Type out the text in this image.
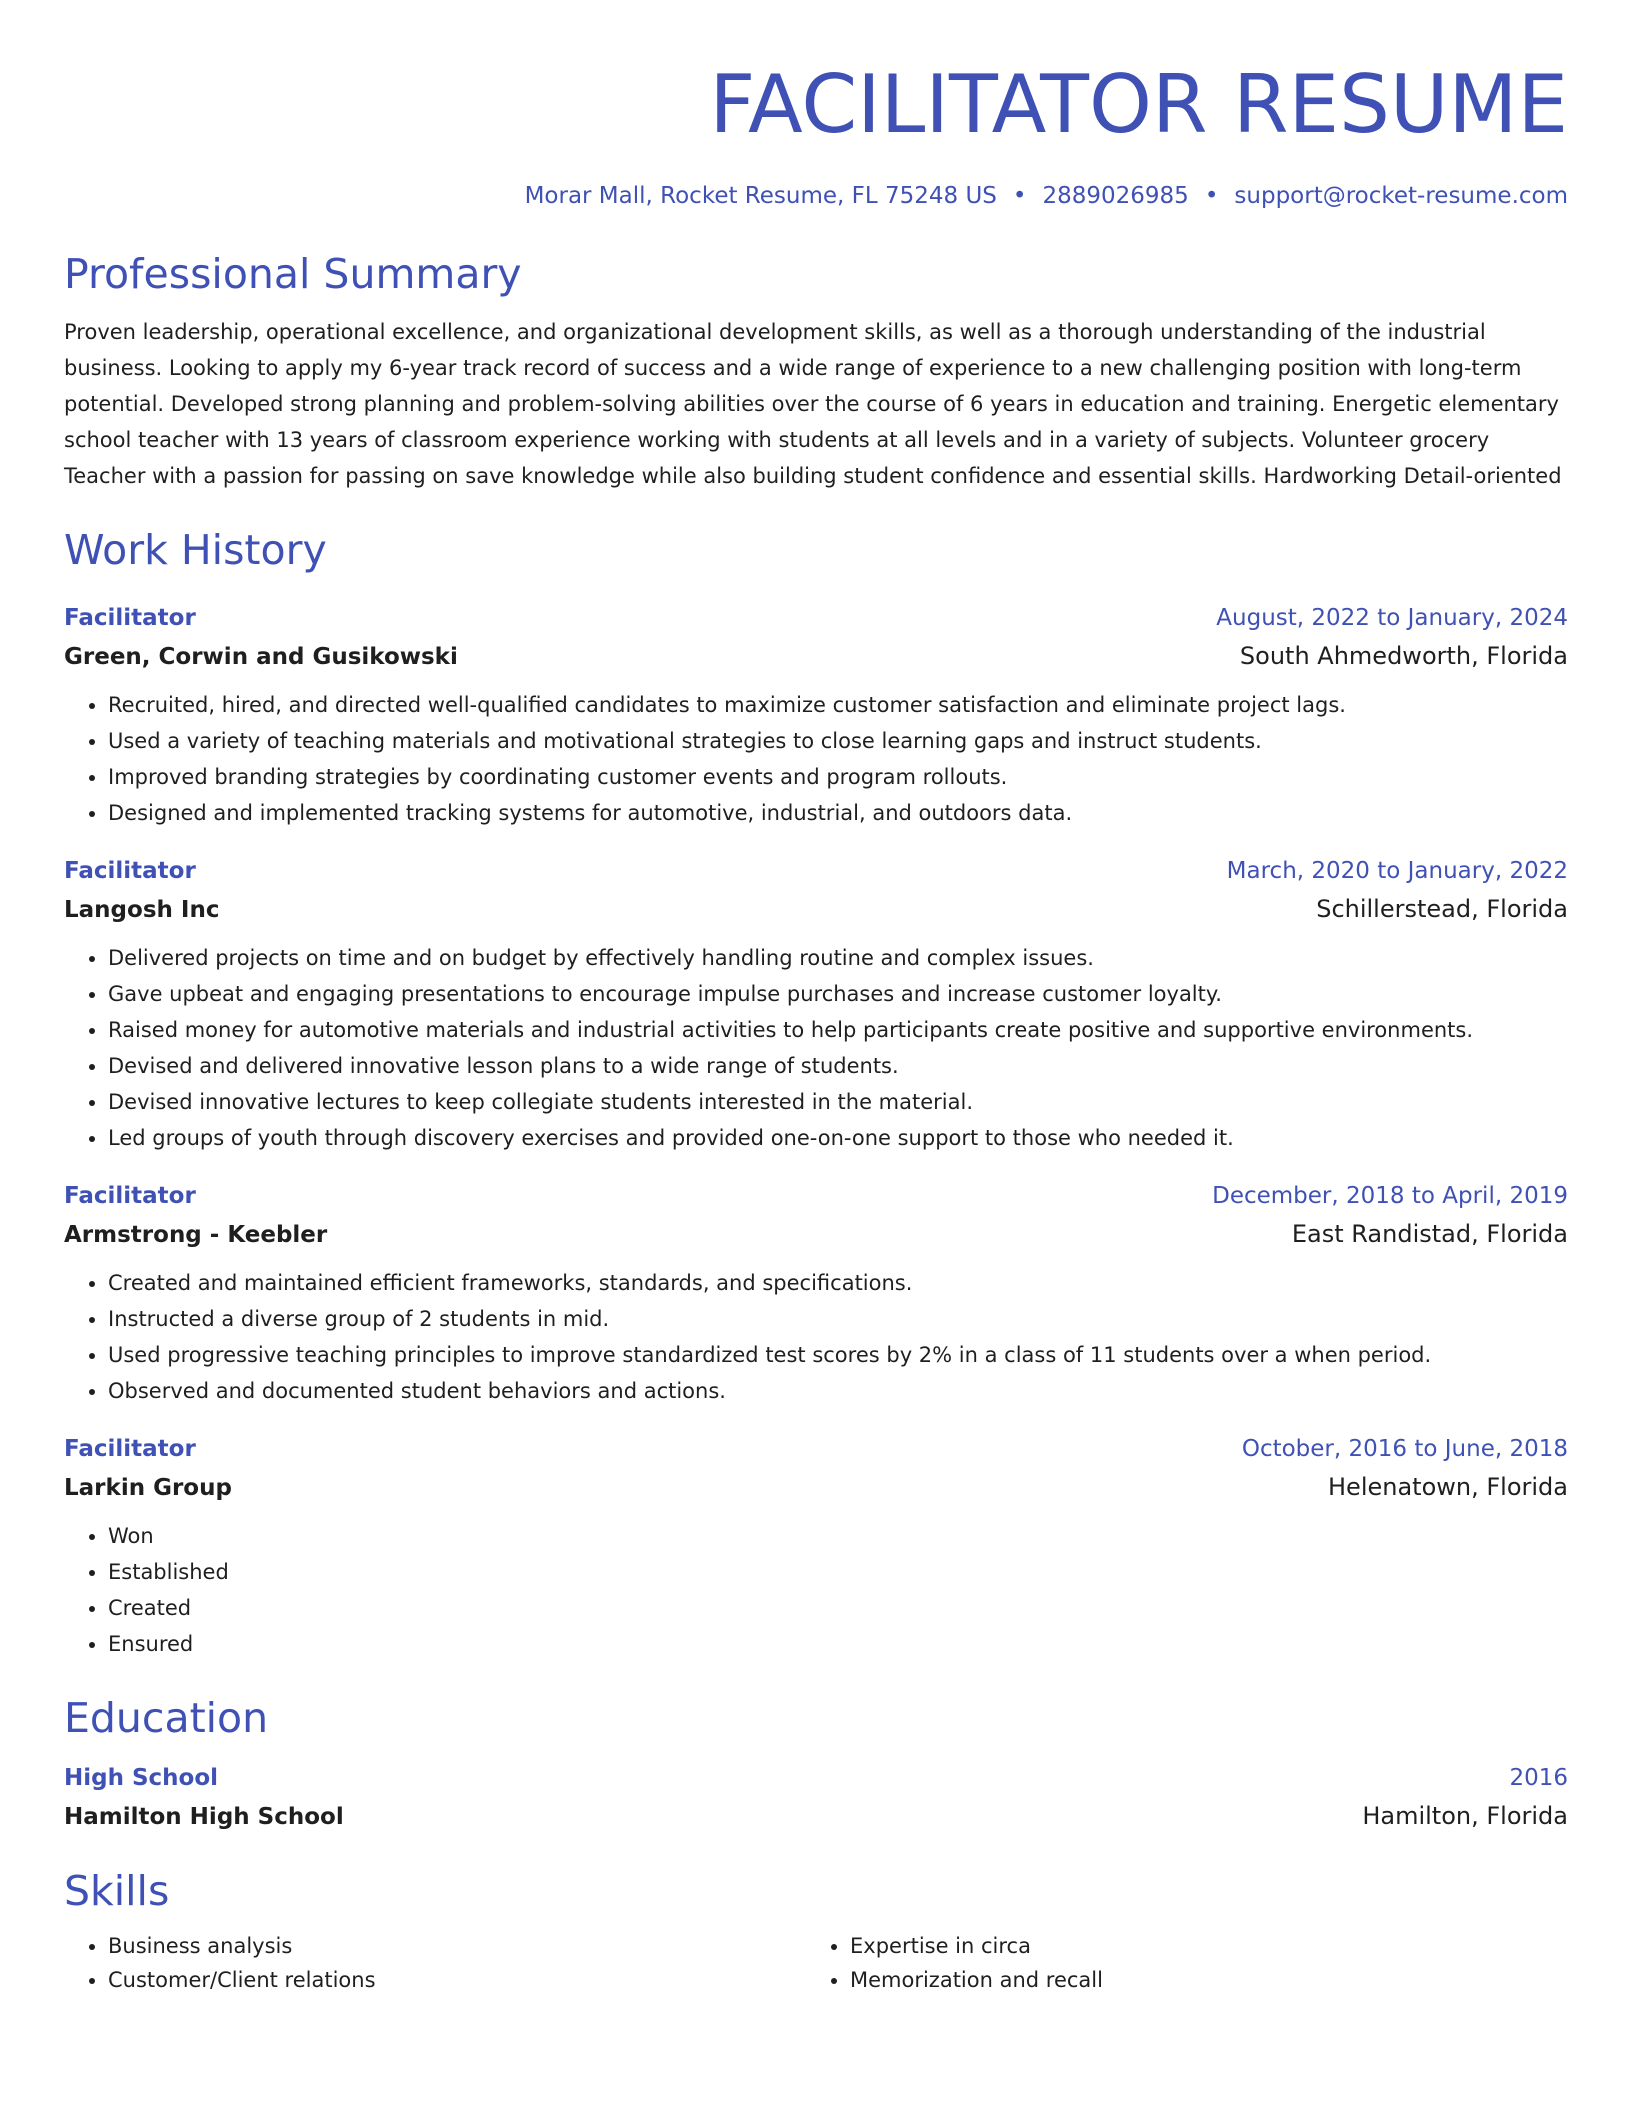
FACILITATOR RESUME
Morar Mall, Rocket Resume, FL 75248 US • 2889026985 • support@rocket-resume.com
Professional Summary
Proven leadership, operational excellence, and organizational development skills, as well as a thorough understanding of the industrial business. Looking to apply my 6-year track record of success and a wide range of experience to a new challenging position with long-term potential. Developed strong planning and problem-solving abilities over the course of 6 years in education and training. Energetic elementary school teacher with 13 years of classroom experience working with students at all levels and in a variety of subjects. Volunteer grocery Teacher with a passion for passing on save knowledge while also building student confidence and essential skills. Hardworking Detail-oriented
Work History
Facilitator	August, 2022 to January, 2024
Green, Corwin and Gusikowski	South Ahmedworth, Florida
• Recruited, hired, and directed well-qualified candidates to maximize customer satisfaction and eliminate project lags.
• Used a variety of teaching materials and motivational strategies to close learning gaps and instruct students.
• Improved branding strategies by coordinating customer events and program rollouts.
• Designed and implemented tracking systems for automotive, industrial, and outdoors data.
Facilitator	March, 2020 to January, 2022
Langosh Inc	Schillerstead, Florida
• Delivered projects on time and on budget by effectively handling routine and complex issues.
• Gave upbeat and engaging presentations to encourage impulse purchases and increase customer loyalty.
• Raised money for automotive materials and industrial activities to help participants create positive and supportive environments.
• Devised and delivered innovative lesson plans to a wide range of students.
• Devised innovative lectures to keep collegiate students interested in the material.
• Led groups of youth through discovery exercises and provided one-on-one support to those who needed it.
Facilitator	December, 2018 to April, 2019
Armstrong - Keebler	East Randistad, Florida
• Created and maintained efficient frameworks, standards, and specifications.
• Instructed a diverse group of 2 students in mid.
• Used progressive teaching principles to improve standardized test scores by 2% in a class of 11 students over a when period.
• Observed and documented student behaviors and actions.
Facilitator	October, 2016 to June, 2018
Larkin Group	Helenatown, Florida
• Won
• Established
• Created
• Ensured
Education
High School	2016
Hamilton High School	Hamilton, Florida
Skills
• Business analysis
• Customer/Client relations
• Expertise in circa
• Memorization and recall
